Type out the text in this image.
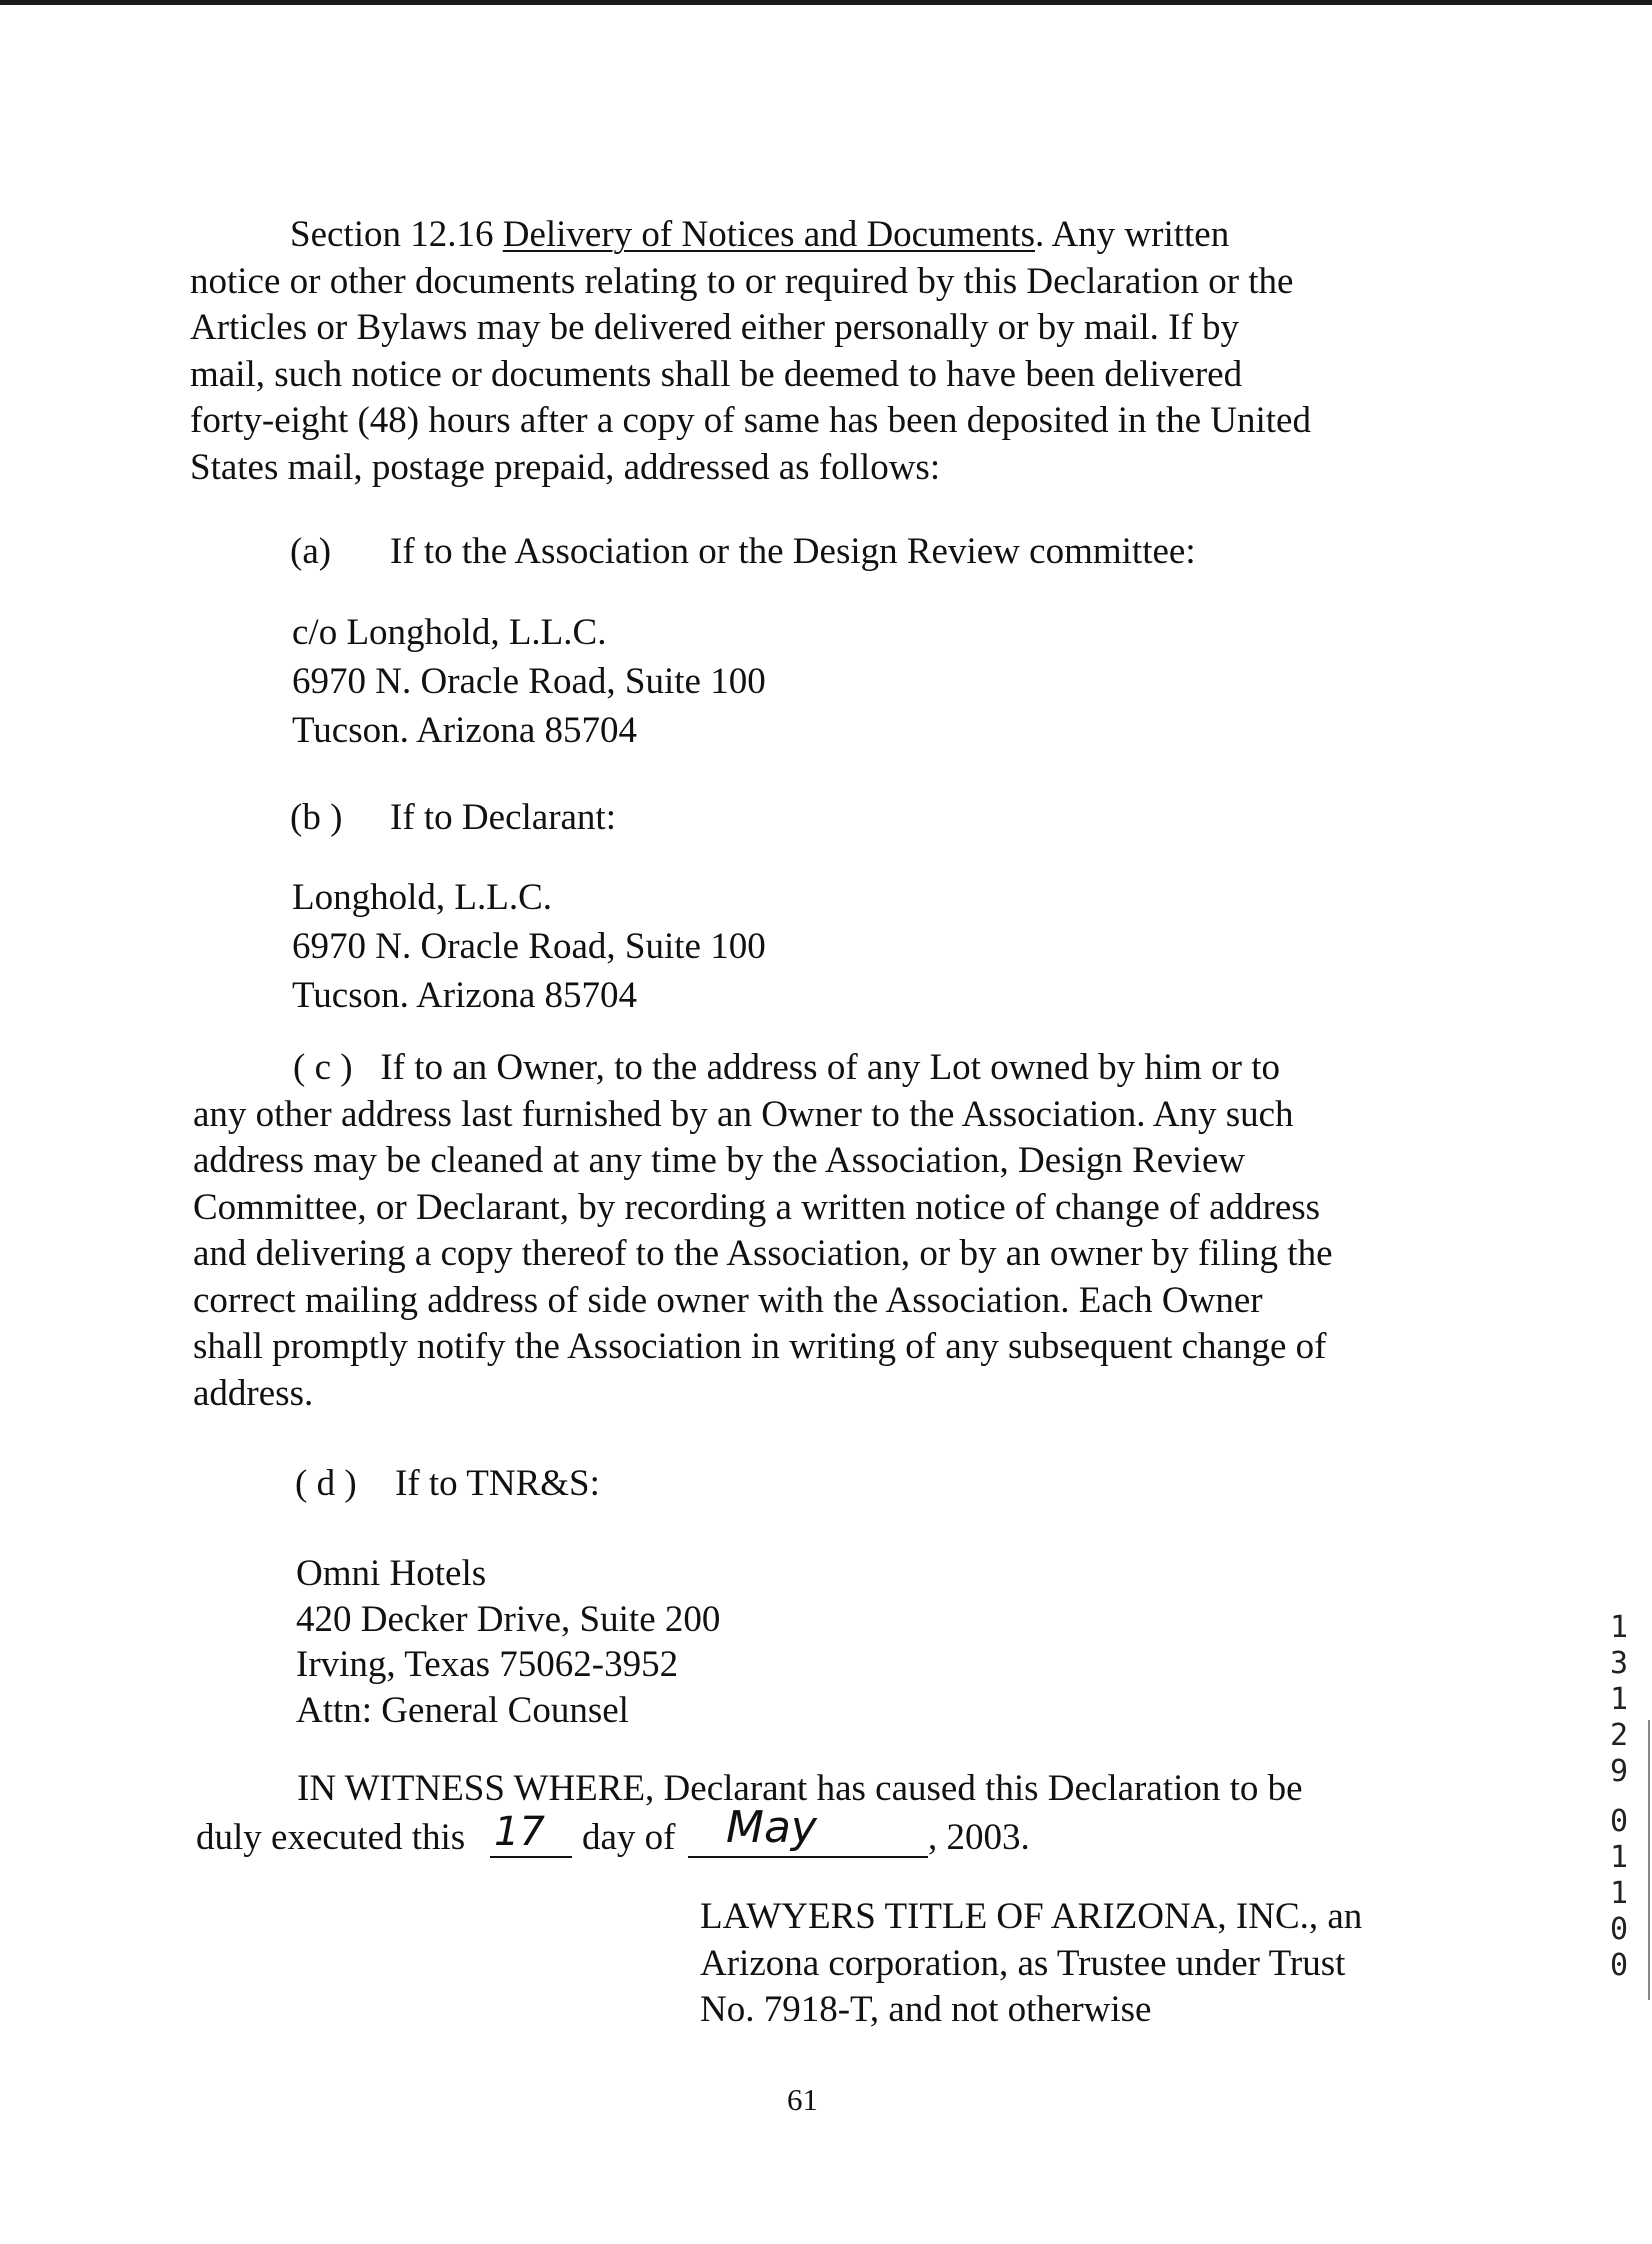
Section 12.16 Delivery of Notices and Documents. Any written
notice or other documents relating to or required by this Declaration or the
Articles or Bylaws may be delivered either personally or by mail. If by
mail, such notice or documents shall be deemed to have been delivered
forty-eight (48) hours after a copy of same has been deposited in the United
States mail, postage prepaid, addressed as follows:
(a) If to the Association or the Design Review committee:
c/o Longhold, L.L.C.
6970 N. Oracle Road, Suite 100
Tucson. Arizona 85704
(b ) If to Declarant:
Longhold, L.L.C.
6970 N. Oracle Road, Suite 100
Tucson. Arizona 85704
( c ) If to an Owner, to the address of any Lot owned by him or to
any other address last furnished by an Owner to the Association. Any such
address may be cleaned at any time by the Association, Design Review
Committee, or Declarant, by recording a written notice of change of address
and delivering a copy thereof to the Association, or by an owner by filing the
correct mailing address of side owner with the Association. Each Owner
shall promptly notify the Association in writing of any subsequent change of
address.
( d ) If to TNR&S:
Omni Hotels
420 Decker Drive, Suite 200
Irving, Texas 75062-3952
Attn: General Counsel
IN WITNESS WHERE, Declarant has caused this Declaration to be
duly executed this 17 day of May	, 2003.
LAWYERS TITLE OF ARIZONA, INC., an
Arizona corporation, as Trustee under Trust
No. 7918-T, and not otherwise
1
3
1
2
9
0
1
1
0
0
61
